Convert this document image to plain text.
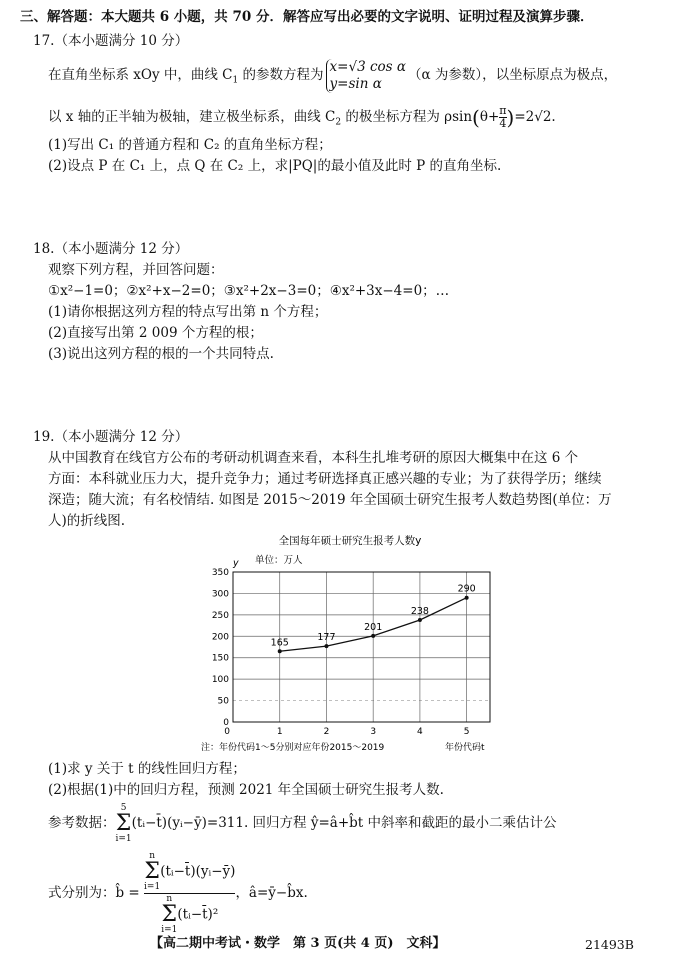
三、解答题：本大题共 6 小题，共 70 分．解答应写出必要的文字说明、证明过程及演算步骤．
17.（本小题满分 10 分）
在直角坐标系 xOy 中，曲线 $C_1$ 的参数方程为
x=√3 cos α
y=sin α
（α 为参数），以坐标原点为极点，
以 x 轴的正半轴为极轴，建立极坐标系，曲线 $C_2$ 的极坐标方程为 $\rho\sin(\theta+ \frac{\pi}{4} )=2√2$.
(1)写出 C₁ 的普通方程和 C₂ 的直角坐标方程；
(2)设点 P 在 C₁ 上，点 Q 在 C₂ 上，求|PQ|的最小值及此时 P 的直角坐标.
18.（本小题满分 12 分）
观察下列方程，并回答问题：
①x²−1=0；②x²+x−2=0；③x²+2x−3=0；④x²+3x−4=0；…
(1)请你根据这列方程的特点写出第 n 个方程；
(2)直接写出第 2 009 个方程的根；
(3)说出这列方程的根的一个共同特点.
19.（本小题满分 12 分）
从中国教育在线官方公布的考研动机调查来看，本科生扎堆考研的原因大概集中在这 6 个
方面：本科就业压力大，提升竞争力；通过考研选择真正感兴趣的专业；为了获得学历；继续
深造；随大流；有名校情结. 如图是 2015～2019 年全国硕士研究生报考人数趋势图(单位：万
人)的折线图.
全国每年硕士研究生报考人数y
单位：万人
y
0
50
100
150
200
250
300
350
0	1	2	3	4	5
165	177
201
238
290
注：年份代码1～5分别对应年份2015～2019	年份代码t
(1)求 y 关于 t 的线性回归方程；
(2)根据(1)中的回归方程，预测 2021 年全国硕士研究生报考人数.
参考数据：
5
Σ
i=1
(tᵢ−t̄)(yᵢ−ȳ)=311. 回归方程 ŷ=â+b̂t 中斜率和截距的最小二乘估计公
式分别为：b̂ =
n
Σ
i=1
(tᵢ−t̄)(yᵢ−ȳ)
n
Σ
i=1
(tᵢ−t̄)²
，â=ȳ−b̂x.
【高二期中考试・数学　第 3 页(共 4 页)　文科】	21493B
